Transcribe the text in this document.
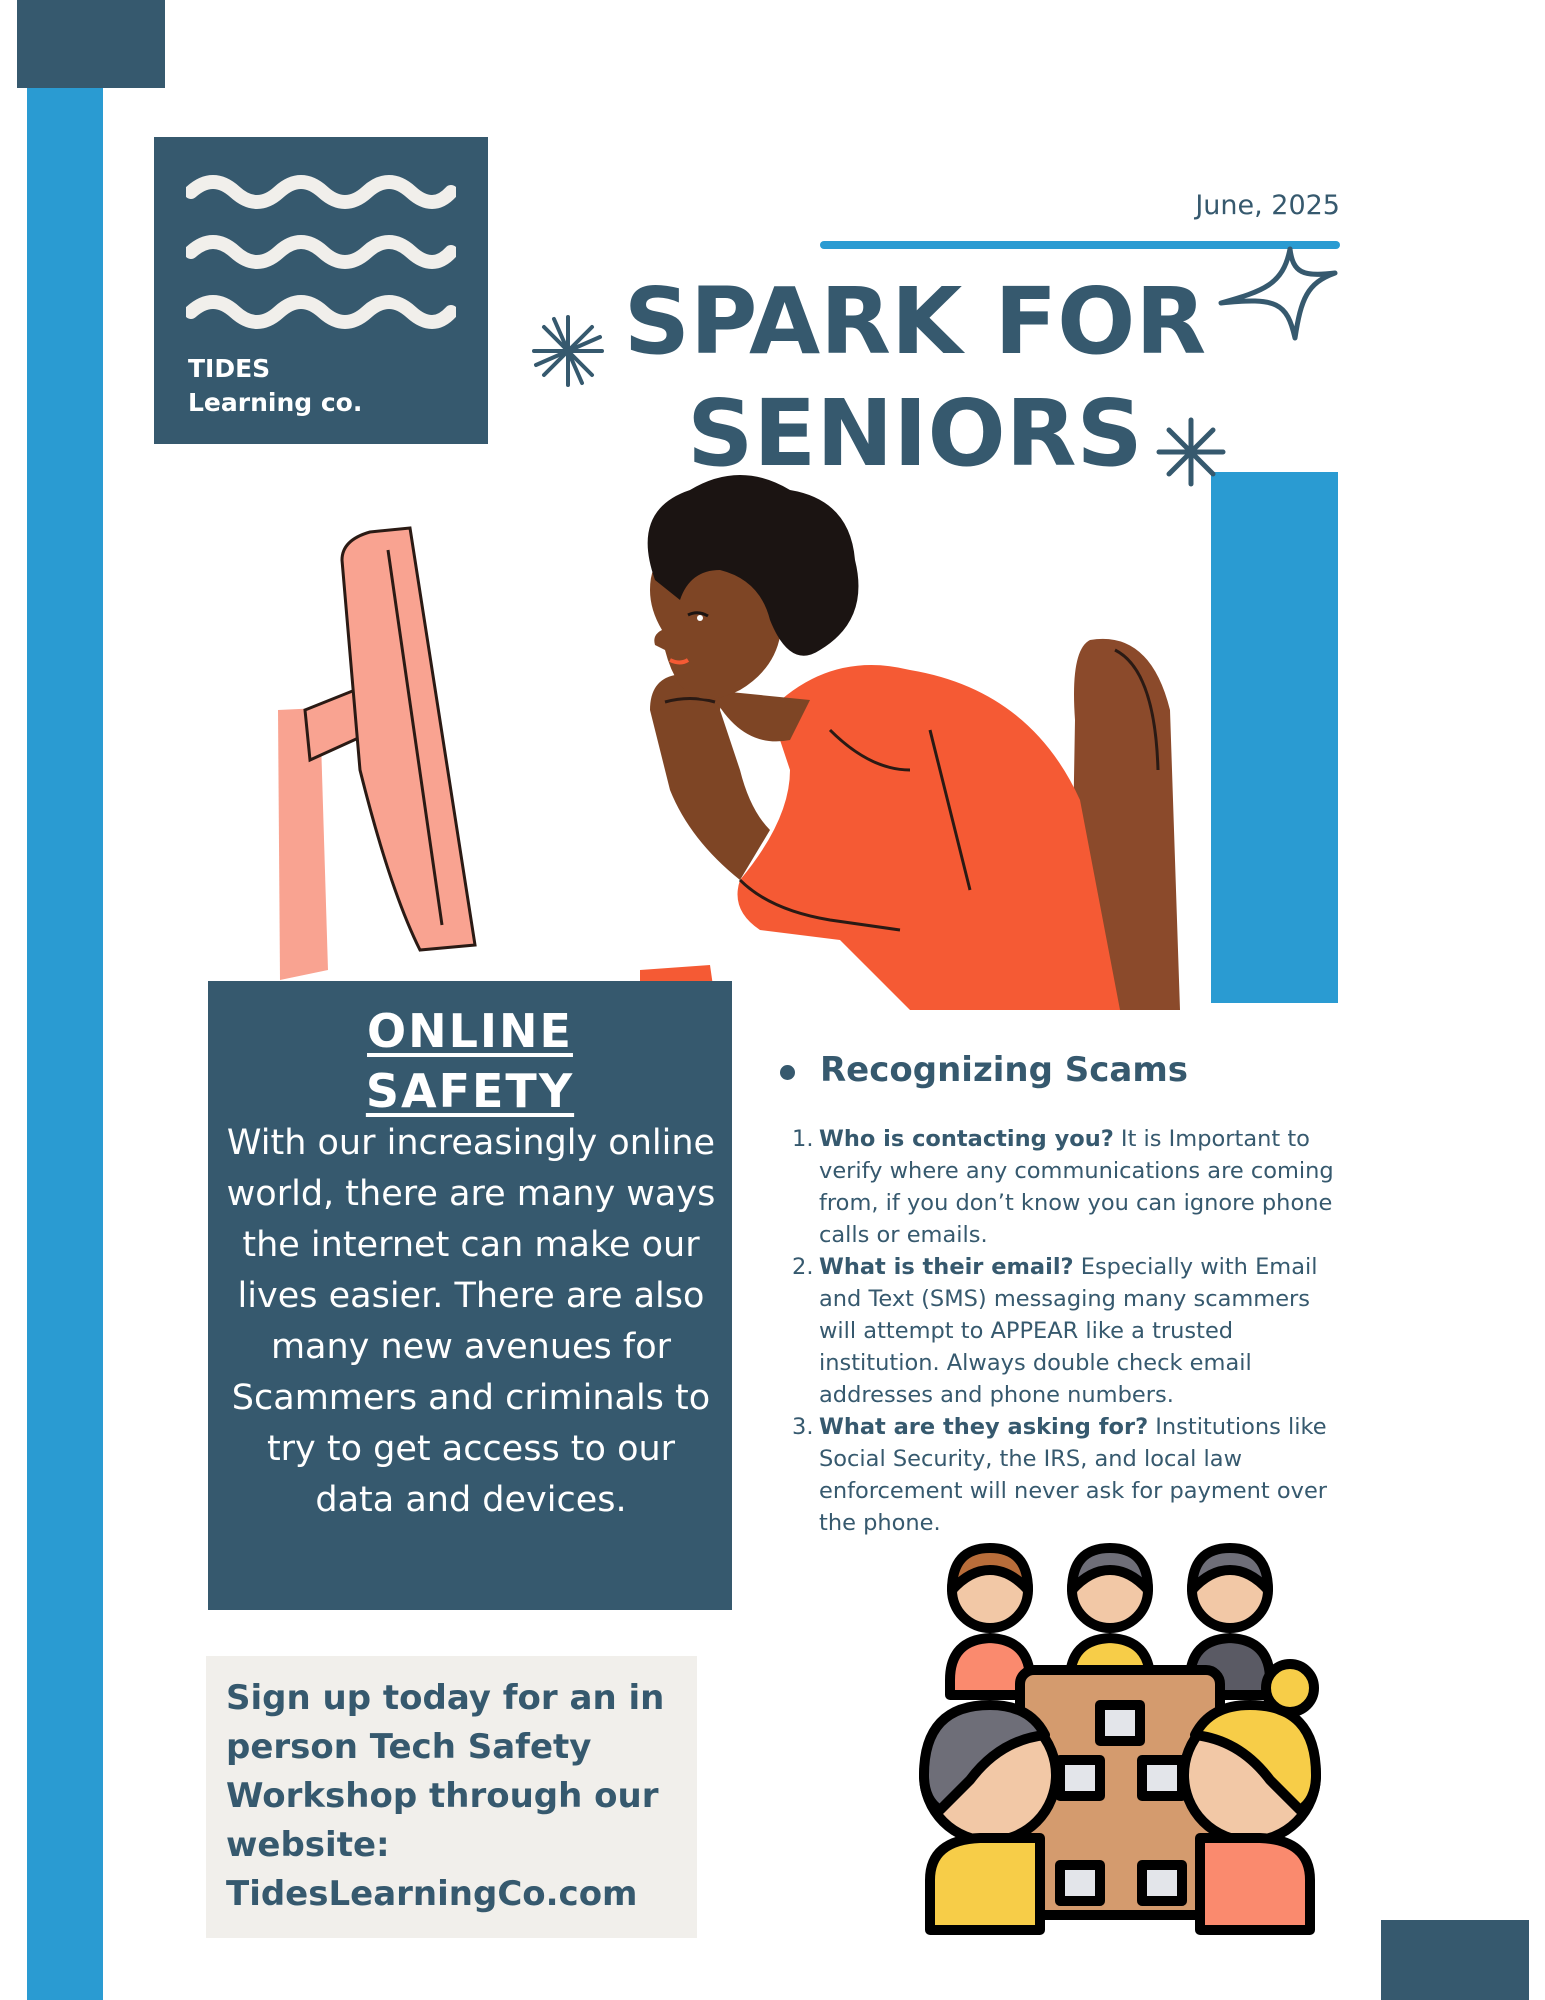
TIDES
Learning co.
June, 2025
SPARK FOR
SENIORS
ONLINE
SAFETY
With our increasingly online world, there are many ways the internet can make our lives easier. There are also many new avenues for Scammers and criminals to try to get access to our data and devices.
Recognizing Scams
1. Who is contacting you? It is Important to verify where any communications are coming from, if you don’t know you can ignore phone calls or emails.
2. What is their email? Especially with Email and Text (SMS) messaging many scammers will attempt to APPEAR like a trusted institution. Always double check email addresses and phone numbers.
3. What are they asking for? Institutions like Social Security, the IRS, and local law enforcement will never ask for payment over the phone.
Sign up today for an in person Tech Safety Workshop through our website: TidesLearningCo.com
